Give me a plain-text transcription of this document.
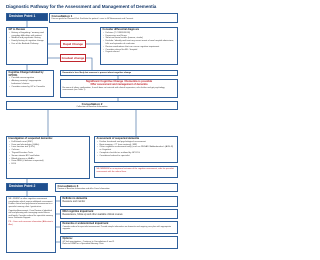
Diagnostic Pathway for the Assessment and Management of Dementia
Decision Point 1	Consultation 1
Discuss goals for Planned Visit. Facilitate the patient / carer to GP Assessment and Consent.
GP to Review
• History of forgetting / memory and everyday difficulties with patient
• Medical and psychiatric history
• Family history of cognitive change
• Use of the Bedside Pathway	Rapid Change
Gradual change
Consider differential diagnosis
• Delirium (? CONFUSION)
• Depression and Drugs
• Structural brain lesions (tumour, stroke)
• Exclude / identify and treat any recent onset of new hospital admissions, falls and episodes of confusion
• Review medications that can cause cognitive impairment
• Consider referral for ED / hospital
• Urgent referral
Cognitive Change Indicated by GPCOG
• Possible neurocognitive
• Arbitrary anxiety / inappropriate behaviour/ choices
• Consider review by GP in 3 months
Dementia is less likely but concern is present about cognitive change
Significant Cognitive Change / Dementia is possible
Offer assessment and management of dementia
Be aware of others confirmation, if result does not coincide with clinical impression, refer further and get psychology assessment (see Table 1)
Consultation 2
Collection of Baseline Information
Investigation of suspected dementia:
• Full blood count (FBC)
• Urea and electrolytes (U&Es)
• Liver function test (LFTs)
• Calcium
• Thyroid Function Tests
• Serum vitamin B12 and folate
• Blood glucose or HbA1c
• Urine MSU (if delirium suspected)
• ECG
Assessment of suspected dementia
• Further functional and psychological assessment
• Brain imaging - CT (non-contrast) / MRI
• Other cognitive assessment tool(s) such as RUDAS / Addenbrooke's (ACE-R) or Cognistat
• Complete checklist as outlined by GPCOG
• Considered referral to specialist
NB: MINIMUM or no equivocal outcome of the cognitive assessment, refer for specialist assessment with the referral form.
Decision Point 2	Consultation 3
Review of Baseline Information and offer Carer Information
NB - NSSDP or other cognitive assessment complexities which require additional assessment. Further clinical and psychosocial assessment in a specialist memory clinic / geriatrician.
Cognitive Assessment, Case Review of identified risk and planning with managing mental illness and family. Consider referral for specialist memory team: Dementia Support.
PS - Carer and consumer information (Alzheimer's Aus.)
Definite no dementia
Reassure and monitor
Mild cognitive impairment
Reassurance, follow-up and other available clinical reviews
Dementia or undetermined impairment
Consider referral to specialist assessment. Provide simple information on dementia and ongoing care plan with appropriate supports.
Options:
GP led investigation - Continue to Consultations 4 and 5
Refer to DSMS or a Specialist Memory Clinic
